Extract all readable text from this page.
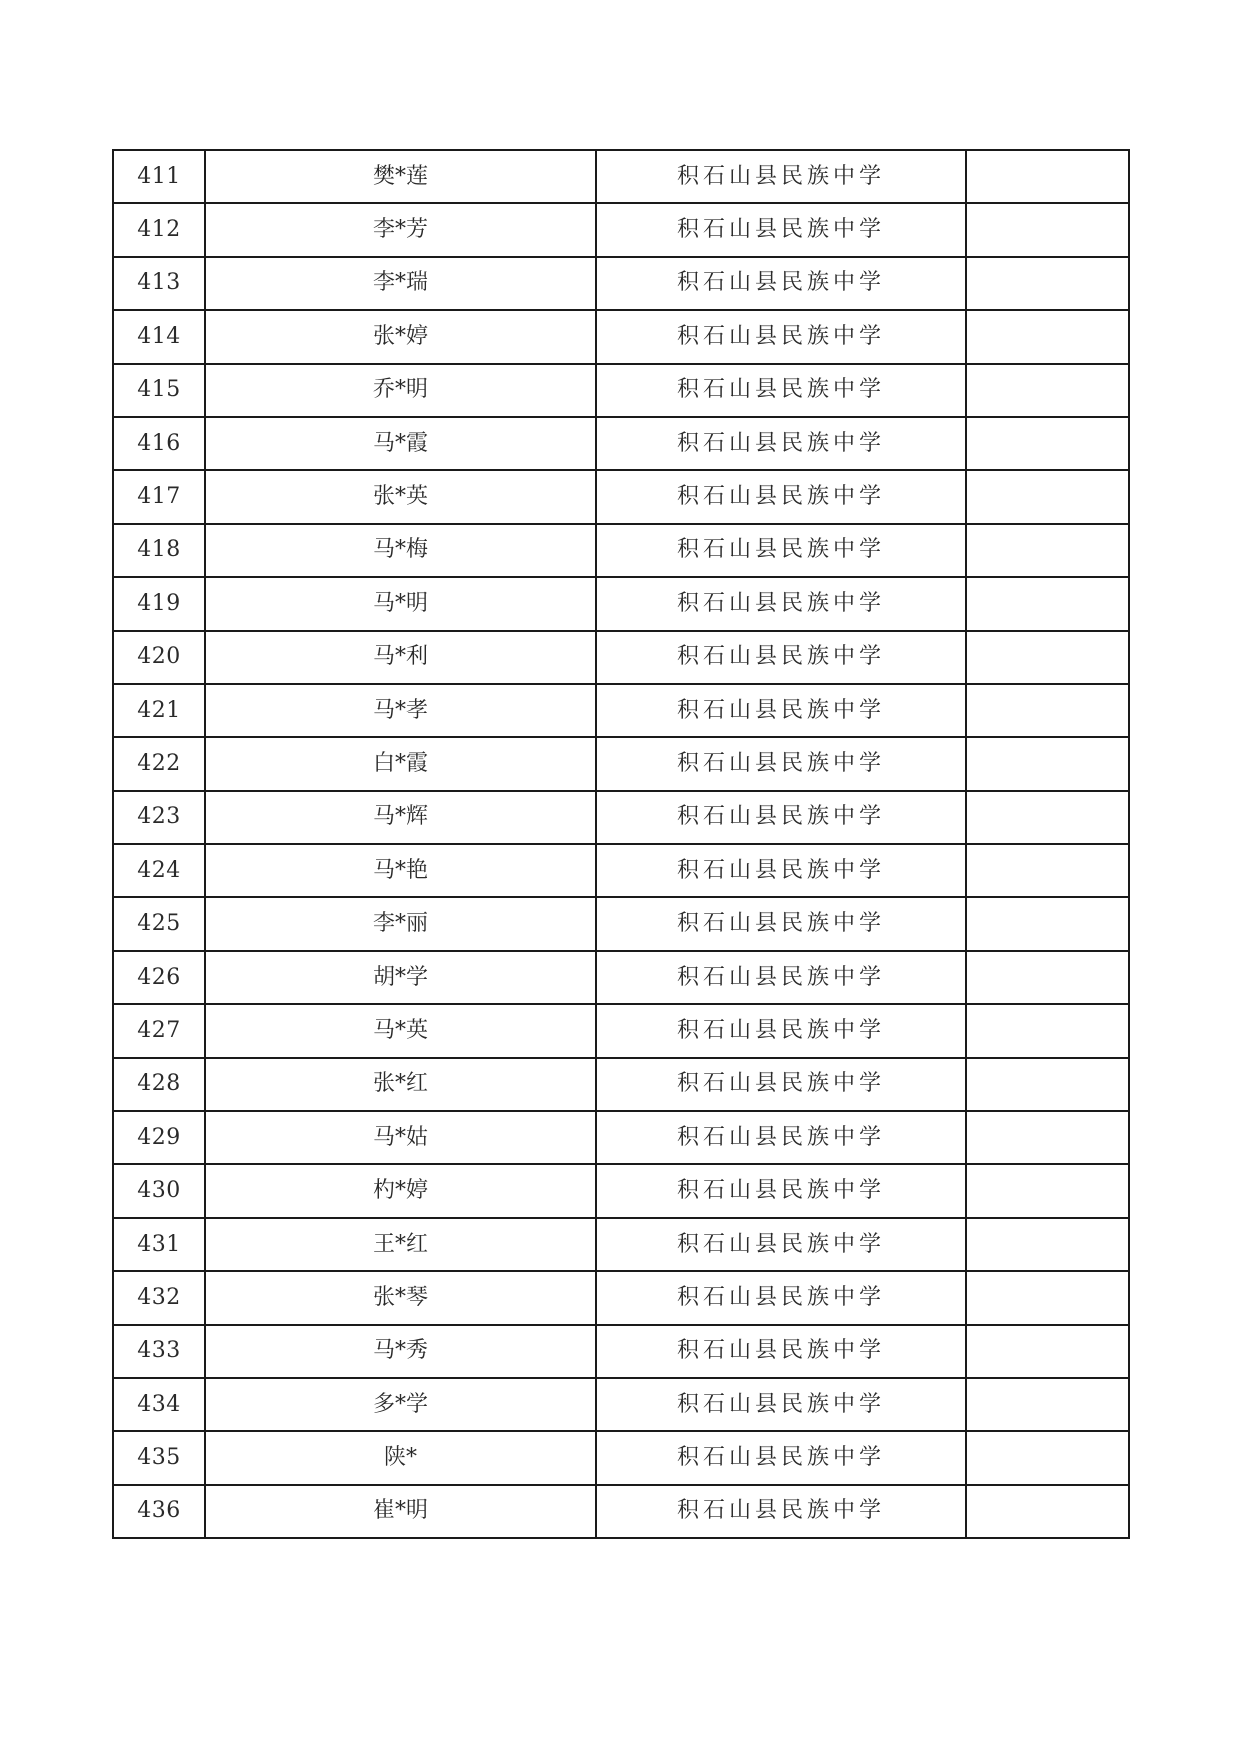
411	樊*莲	积石山县民族中学	
412	李*芳	积石山县民族中学	
413	李*瑞	积石山县民族中学	
414	张*婷	积石山县民族中学	
415	乔*明	积石山县民族中学	
416	马*霞	积石山县民族中学	
417	张*英	积石山县民族中学	
418	马*梅	积石山县民族中学	
419	马*明	积石山县民族中学	
420	马*利	积石山县民族中学	
421	马*孝	积石山县民族中学	
422	白*霞	积石山县民族中学	
423	马*辉	积石山县民族中学	
424	马*艳	积石山县民族中学	
425	李*丽	积石山县民族中学	
426	胡*学	积石山县民族中学	
427	马*英	积石山县民族中学	
428	张*红	积石山县民族中学	
429	马*姑	积石山县民族中学	
430	杓*婷	积石山县民族中学	
431	王*红	积石山县民族中学	
432	张*琴	积石山县民族中学	
433	马*秀	积石山县民族中学	
434	多*学	积石山县民族中学	
435	陕*	积石山县民族中学	
436	崔*明	积石山县民族中学	
